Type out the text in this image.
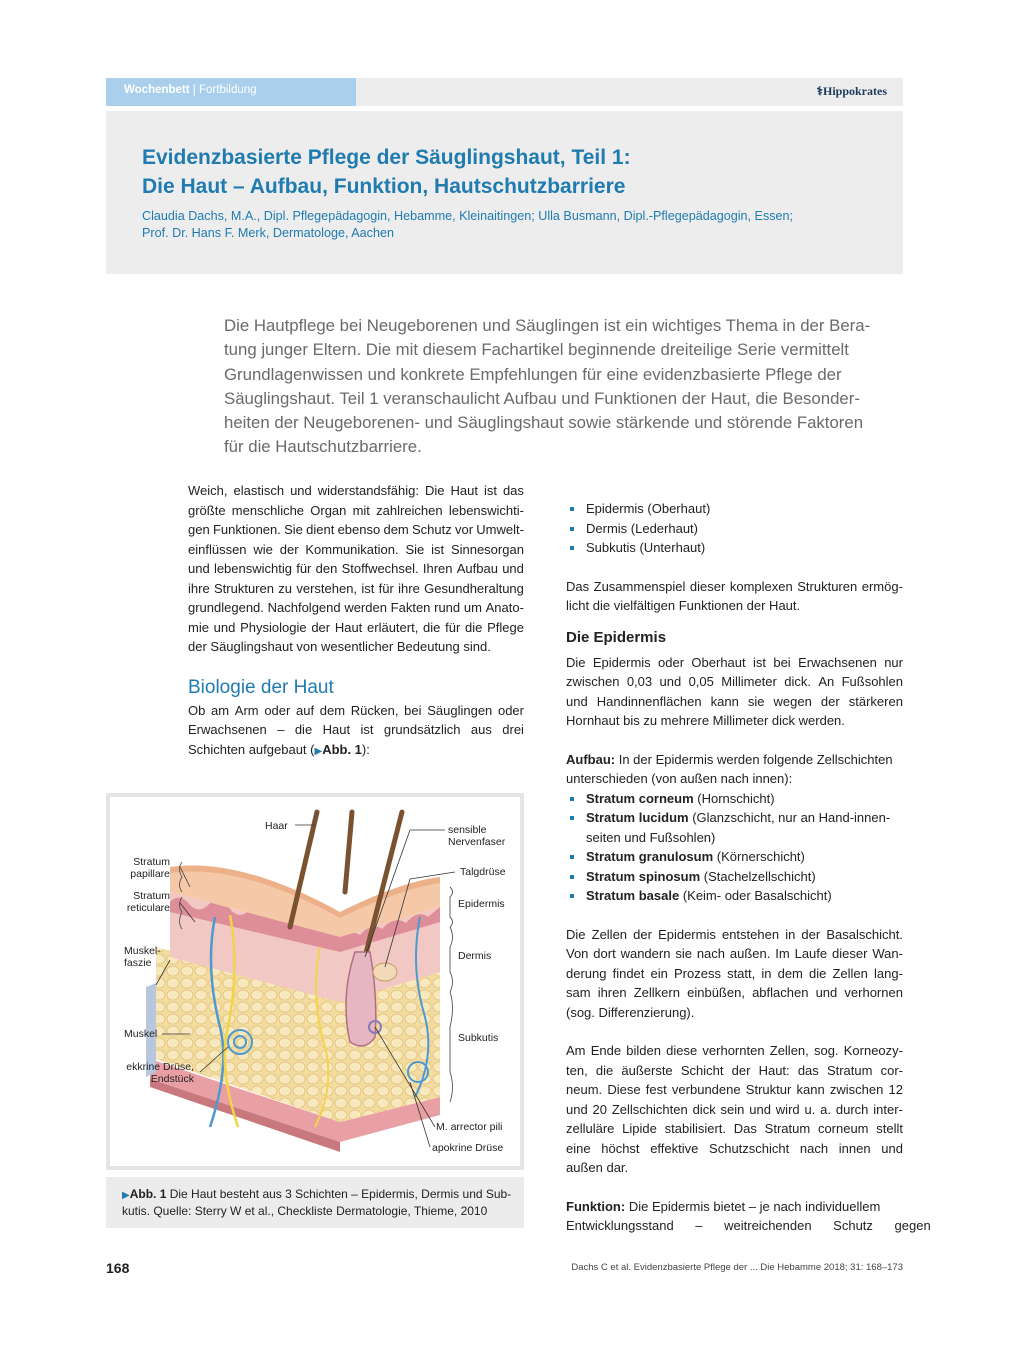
Wochenbett | Fortbildung	⚕Hippokrates
Evidenzbasierte Pflege der Säuglingshaut, Teil 1:
Die Haut – Aufbau, Funktion, Hautschutzbarriere
Claudia Dachs, M.A., Dipl. Pflegepädagogin, Hebamme, Kleinaitingen; Ulla Busmann, Dipl.-Pflegepädagogin, Essen;
Prof. Dr. Hans F. Merk, Dermatologe, Aachen
Die Hautpflege bei Neugeborenen und Säuglingen ist ein wichtiges Thema in der Bera-
tung junger Eltern. Die mit diesem Fachartikel beginnende dreiteilige Serie vermittelt
Grundlagenwissen und konkrete Empfehlungen für eine evidenzbasierte Pflege der
Säuglingshaut. Teil 1 veranschaulicht Aufbau und Funktionen der Haut, die Besonder-
heiten der Neugeborenen- und Säuglingshaut sowie stärkende und störende Faktoren
für die Hautschutzbarriere.
Weich, elastisch und widerstandsfähig: Die Haut ist das
größte menschliche Organ mit zahlreichen lebenswichti-
gen Funktionen. Sie dient ebenso dem Schutz vor Umwelt-
einflüssen wie der Kommunikation. Sie ist Sinnesorgan
und lebenswichtig für den Stoffwechsel. Ihren Aufbau und
ihre Strukturen zu verstehen, ist für ihre Gesundheraltung
grundlegend. Nachfolgend werden Fakten rund um Anato-
mie und Physiologie der Haut erläutert, die für die Pflege
der Säuglingshaut von wesentlicher Bedeutung sind.
Biologie der Haut
Ob am Arm oder auf dem Rücken, bei Säuglingen oder
Erwachsenen – die Haut ist grundsätzlich aus drei
Schichten aufgebaut (▶Abb. 1):
Haar	sensible
Nervenfaser
Talgdrüse
Epidermis
Dermis
Subkutis
M. arrector pili
apokrine Drüse
Stratum
papillare
Stratum
reticulare
Muskel-
faszie
Muskel
ekkrine Drüse,
Endstück
▶Abb. 1 Die Haut besteht aus 3 Schichten – Epidermis, Dermis und Sub-
kutis. Quelle: Sterry W et al., Checkliste Dermatologie, Thieme, 2010
Epidermis (Oberhaut)
Dermis (Lederhaut)
Subkutis (Unterhaut)
Das Zusammenspiel dieser komplexen Strukturen ermög-
licht die vielfältigen Funktionen der Haut.
Die Epidermis
Die Epidermis oder Oberhaut ist bei Erwachsenen nur
zwischen 0,03 und 0,05 Millimeter dick. An Fußsohlen
und Handinnenflächen kann sie wegen der stärkeren
Hornhaut bis zu mehrere Millimeter dick werden.
Aufbau: In der Epidermis werden folgende Zellschichten
unterschieden (von außen nach innen):
Stratum corneum (Hornschicht)
Stratum lucidum (Glanzschicht, nur an Hand-innen-
seiten und Fußsohlen)
Stratum granulosum (Körnerschicht)
Stratum spinosum (Stachelzellschicht)
Stratum basale (Keim- oder Basalschicht)
Die Zellen der Epidermis entstehen in der Basalschicht.
Von dort wandern sie nach außen. Im Laufe dieser Wan-
derung findet ein Prozess statt, in dem die Zellen lang-
sam ihren Zellkern einbüßen, abflachen und verhornen
(sog. Differenzierung).
Am Ende bilden diese verhornten Zellen, sog. Korneozy-
ten, die äußerste Schicht der Haut: das Stratum cor-
neum. Diese fest verbundene Struktur kann zwischen 12
und 20 Zellschichten dick sein und wird u. a. durch inter-
zelluläre Lipide stabilisiert. Das Stratum corneum stellt
eine höchst effektive Schutzschicht nach innen und
außen dar.
Funktion: Die Epidermis bietet – je nach individuellem
Entwicklungsstand – weitreichenden Schutz gegen
168	Dachs C et al. Evidenzbasierte Pflege der ... Die Hebamme 2018; 31: 168–173
